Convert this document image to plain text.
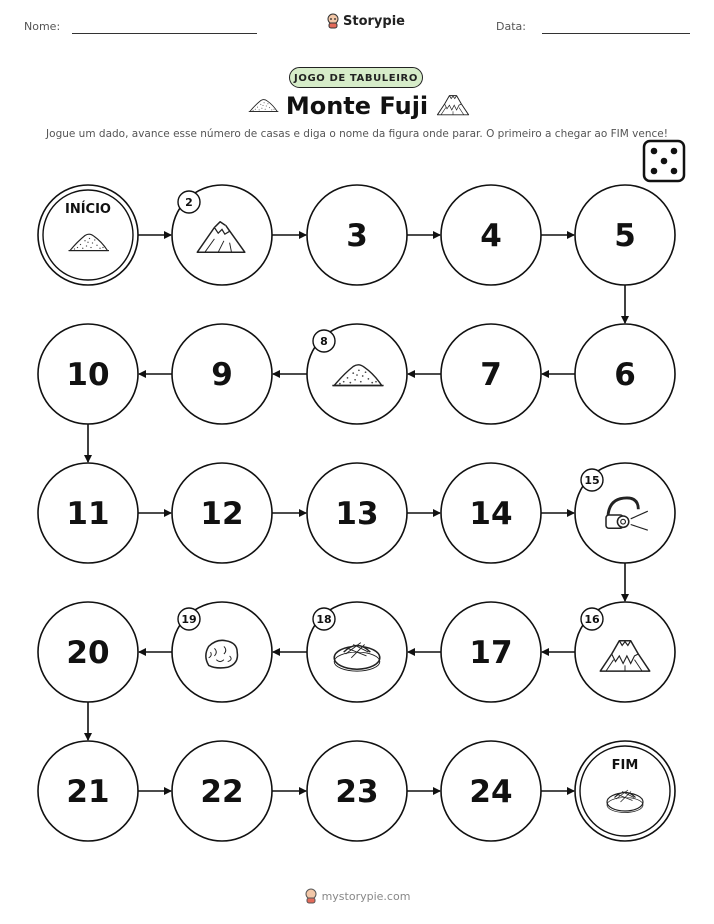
Nome:	Storypie	Data:
JOGO DE TABULEIRO
Monte Fuji
Jogue um dado, avance esse número de casas e diga o nome da figura onde parar. O primeiro a chegar ao FIM vence!
INÍCIO	2
3	4	5
6
7
8
9
10
11	12	13	14
15
16
17
18
19
20
21	22	23	24
FIM
mystorypie.com
